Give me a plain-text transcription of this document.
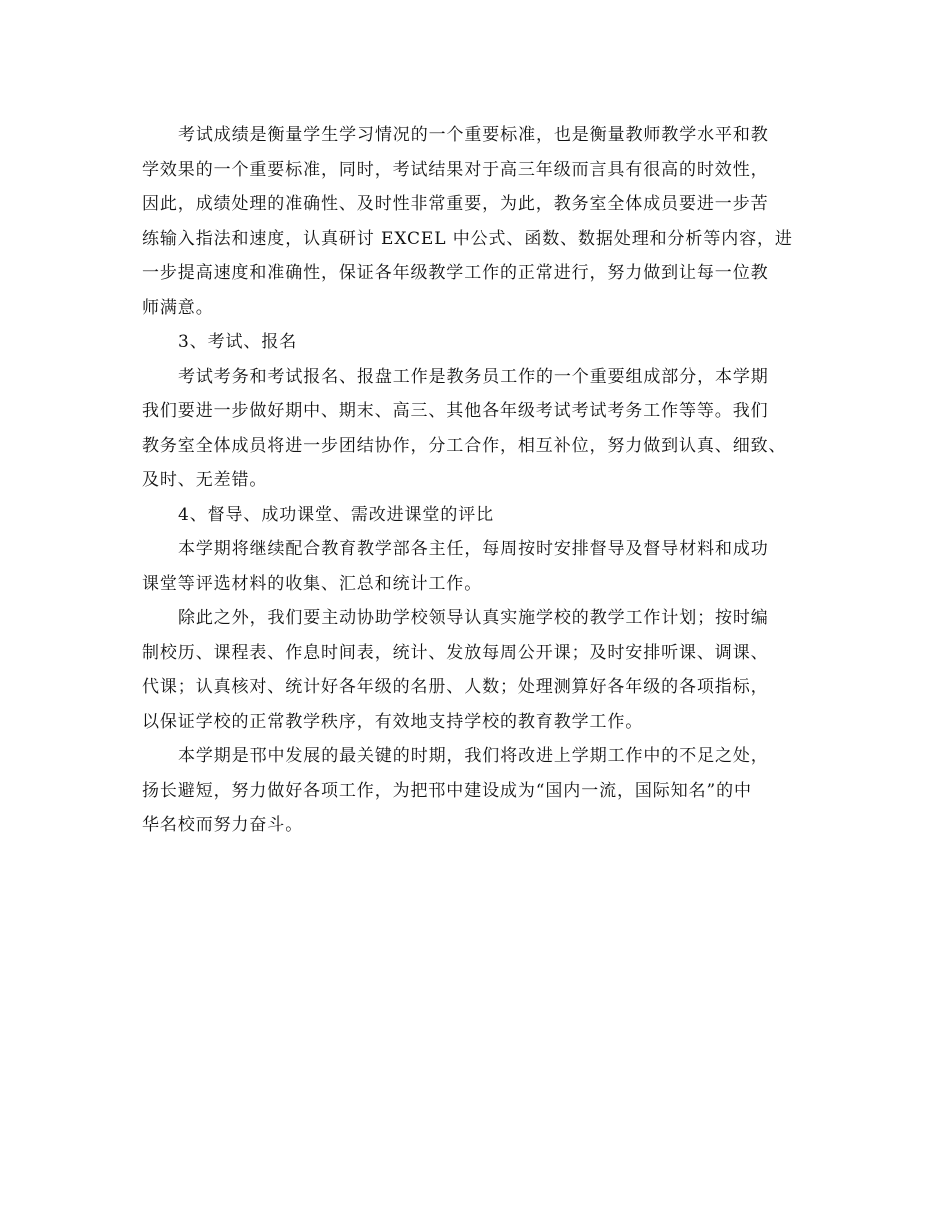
考试成绩是衡量学生学习情况的一个重要标准，也是衡量教师教学水平和教
学效果的一个重要标准，同时，考试结果对于高三年级而言具有很高的时效性，
因此，成绩处理的准确性、及时性非常重要，为此，教务室全体成员要进一步苦
练输入指法和速度，认真研讨 EXCEL 中公式、函数、数据处理和分析等内容，进
一步提高速度和准确性，保证各年级教学工作的正常进行，努力做到让每一位教
师满意。
3、考试、报名
考试考务和考试报名、报盘工作是教务员工作的一个重要组成部分，本学期
我们要进一步做好期中、期末、高三、其他各年级考试考试考务工作等等。我们
教务室全体成员将进一步团结协作，分工合作，相互补位，努力做到认真、细致、
及时、无差错。
4、督导、成功课堂、需改进课堂的评比
本学期将继续配合教育教学部各主任，每周按时安排督导及督导材料和成功
课堂等评选材料的收集、汇总和统计工作。
除此之外，我们要主动协助学校领导认真实施学校的教学工作计划；按时编
制校历、课程表、作息时间表，统计、发放每周公开课；及时安排听课、调课、
代课；认真核对、统计好各年级的名册、人数；处理测算好各年级的各项指标，
以保证学校的正常教学秩序，有效地支持学校的教育教学工作。
本学期是邗中发展的最关键的时期，我们将改进上学期工作中的不足之处，
扬长避短，努力做好各项工作，为把邗中建设成为“国内一流，国际知名”的中
华名校而努力奋斗。
